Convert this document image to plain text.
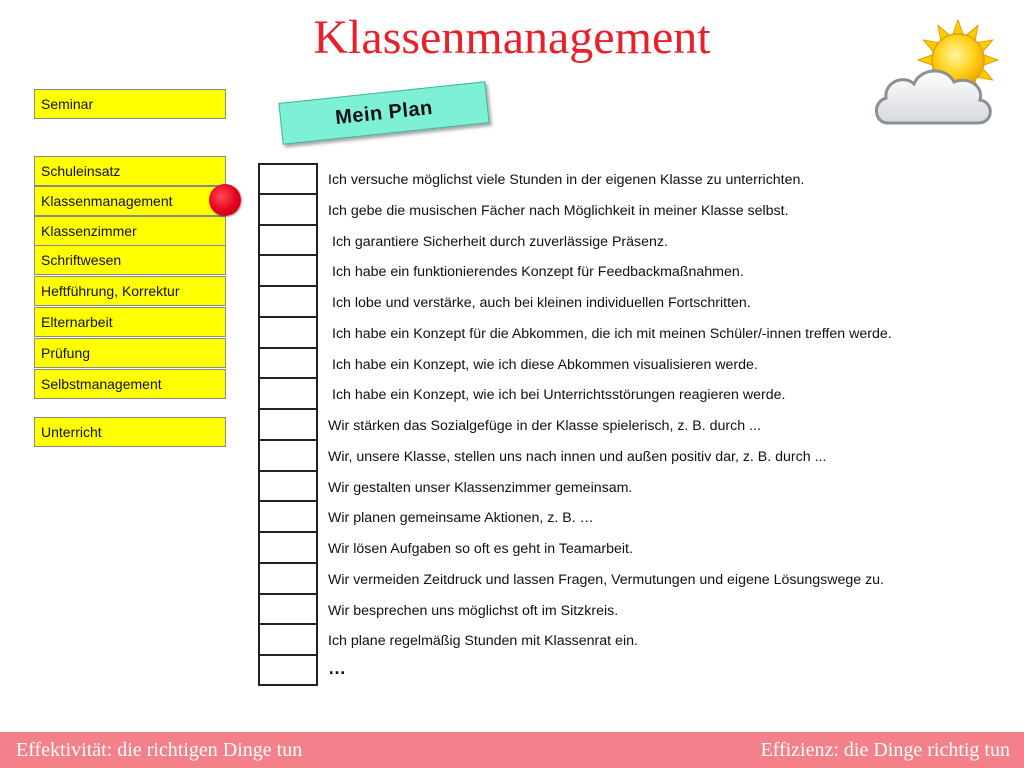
Klassenmanagement
Seminar
Schuleinsatz
Klassenmanagement
Klassenzimmer
Schriftwesen
Heftführung, Korrektur
Elternarbeit
Prüfung
Selbstmanagement
Unterricht
Mein Plan
Ich versuche möglichst viele Stunden in der eigenen Klasse zu unterrichten.
Ich gebe die musischen Fächer nach Möglichkeit in meiner Klasse selbst.
Ich garantiere Sicherheit durch zuverlässige Präsenz.
Ich habe ein funktionierendes Konzept für Feedbackmaßnahmen.
Ich lobe und verstärke, auch bei kleinen individuellen Fortschritten.
Ich habe ein Konzept für die Abkommen, die ich mit meinen Schüler/-innen treffen werde.
Ich habe ein Konzept, wie ich diese Abkommen visualisieren werde.
Ich habe ein Konzept, wie ich bei Unterrichtsstörungen reagieren werde.
Wir stärken das Sozialgefüge in der Klasse spielerisch, z. B. durch ...
Wir, unsere Klasse, stellen uns nach innen und außen positiv dar, z. B. durch ...
Wir gestalten unser Klassenzimmer gemeinsam.
Wir planen gemeinsame Aktionen, z. B. …
Wir lösen Aufgaben so oft es geht in Teamarbeit.
Wir vermeiden Zeitdruck und lassen Fragen, Vermutungen und eigene Lösungswege zu.
Wir besprechen uns möglichst oft im Sitzkreis.
Ich plane regelmäßig Stunden mit Klassenrat ein.
…
Effektivität: die richtigen Dinge tun	Effizienz: die Dinge richtig tun
